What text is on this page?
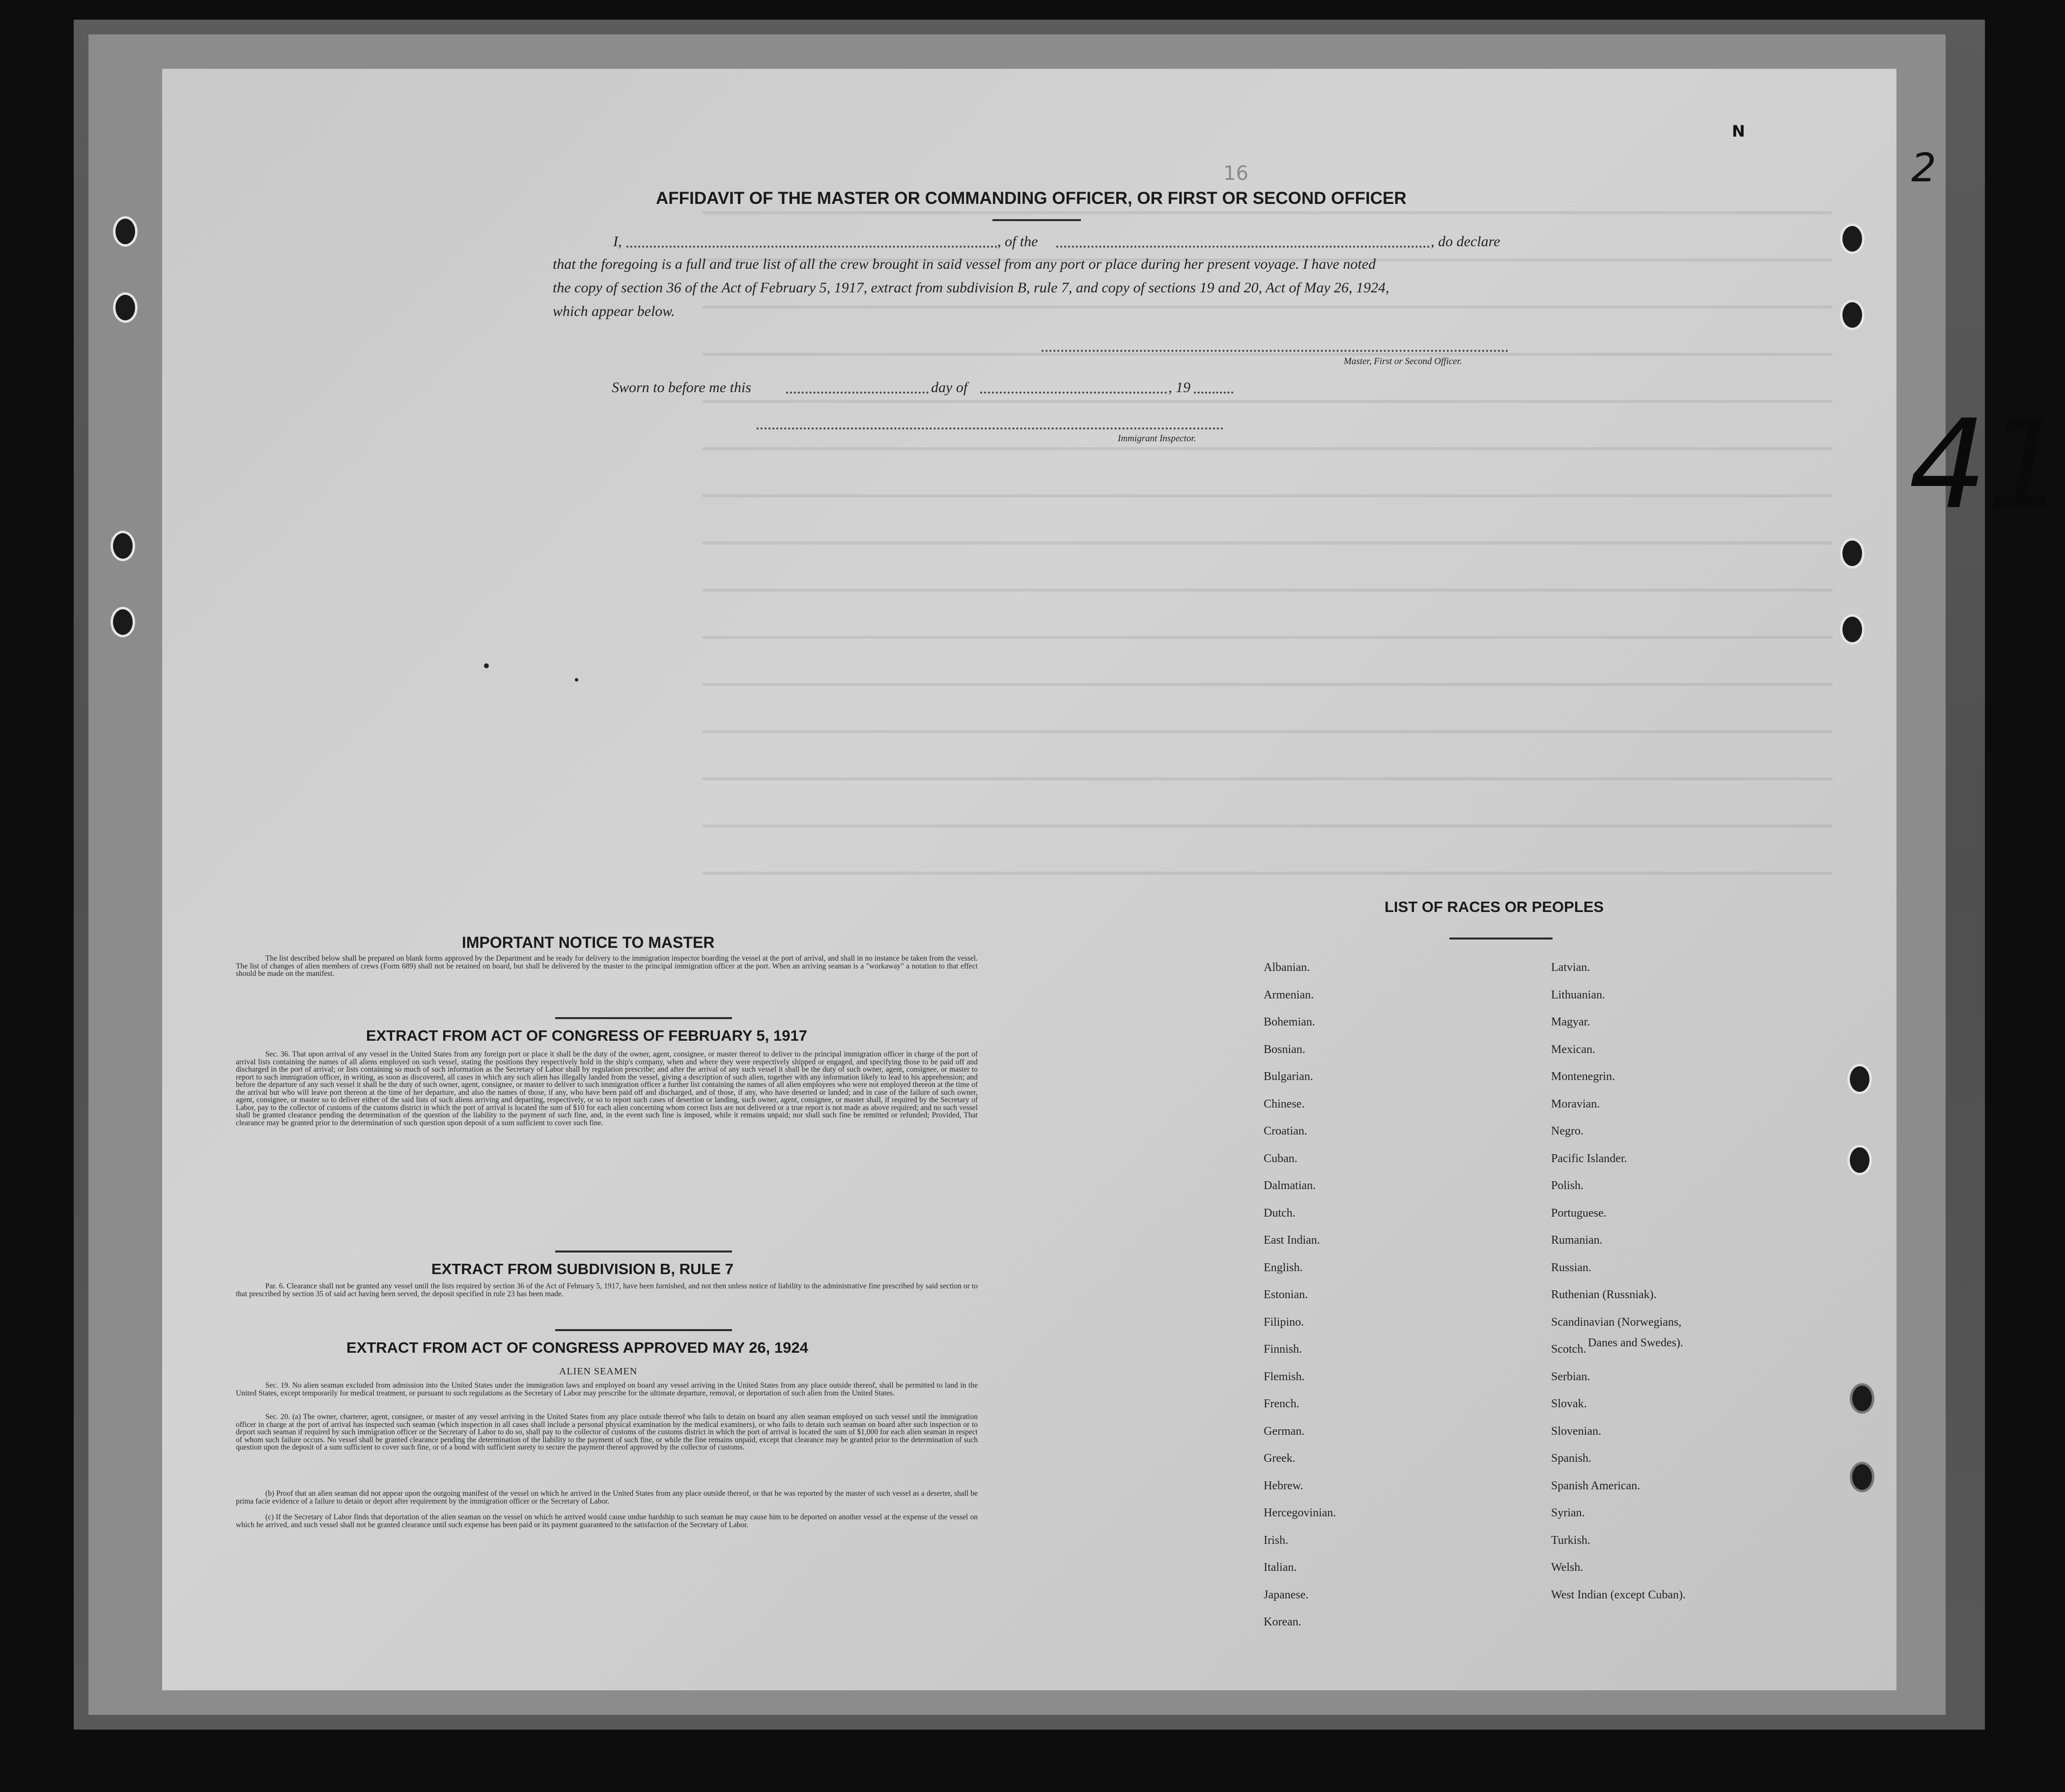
41
2
16
N
AFFIDAVIT OF THE MASTER OR COMMANDING OFFICER, OR FIRST OR SECOND OFFICER
I,	, of the	, do declare
that the foregoing is a full and true list of all the crew brought in said vessel from any port or place during her present voyage. I have noted
the copy of section 36 of the Act of February 5, 1917, extract from subdivision B, rule 7, and copy of sections 19 and 20, Act of May 26, 1924,
which appear below.
Master, First or Second Officer.
Sworn to before me this	day of	, 19
Immigrant Inspector.
IMPORTANT NOTICE TO MASTER
The list described below shall be prepared on blank forms approved by the Department and be ready for delivery to the immigration inspector boarding the vessel at the port of arrival, and shall in no instance be taken from the vessel. The list of changes of alien members of crews (Form 689) shall not be retained on board, but shall be delivered by the master to the principal immigration officer at the port. When an arriving seaman is a "workaway" a notation to that effect should be made on the manifest.
EXTRACT FROM ACT OF CONGRESS OF FEBRUARY 5, 1917
Sec. 36. That upon arrival of any vessel in the United States from any foreign port or place it shall be the duty of the owner, agent, consignee, or master thereof to deliver to the principal immigration officer in charge of the port of arrival lists containing the names of all aliens employed on such vessel, stating the positions they respectively hold in the ship's company, when and where they were respectively shipped or engaged, and specifying those to be paid off and discharged in the port of arrival; or lists containing so much of such information as the Secretary of Labor shall by regulation prescribe; and after the arrival of any such vessel it shall be the duty of such owner, agent, consignee, or master to report to such immigration officer, in writing, as soon as discovered, all cases in which any such alien has illegally landed from the vessel, giving a description of such alien, together with any information likely to lead to his apprehension; and before the departure of any such vessel it shall be the duty of such owner, agent, consignee, or master to deliver to such immigration officer a further list containing the names of all alien employees who were not employed thereon at the time of the arrival but who will leave port thereon at the time of her departure, and also the names of those, if any, who have been paid off and discharged, and of those, if any, who have deserted or landed; and in case of the failure of such owner, agent, consignee, or master so to deliver either of the said lists of such aliens arriving and departing, respectively, or so to report such cases of desertion or landing, such owner, agent, consignee, or master shall, if required by the Secretary of Labor, pay to the collector of customs of the customs district in which the port of arrival is located the sum of $10 for each alien concerning whom correct lists are not delivered or a true report is not made as above required; and no such vessel shall be granted clearance pending the determination of the question of the liability to the payment of such fine, and, in the event such fine is imposed, while it remains unpaid; nor shall such fine be remitted or refunded; Provided, That clearance may be granted prior to the determination of such question upon deposit of a sum sufficient to cover such fine.
EXTRACT FROM SUBDIVISION B, RULE 7
Par. 6. Clearance shall not be granted any vessel until the lists required by section 36 of the Act of February 5, 1917, have been furnished, and not then unless notice of liability to the administrative fine prescribed by said section or to that prescribed by section 35 of said act having been served, the deposit specified in rule 23 has been made.
EXTRACT FROM ACT OF CONGRESS APPROVED MAY 26, 1924
ALIEN SEAMEN
Sec. 19. No alien seaman excluded from admission into the United States under the immigration laws and employed on board any vessel arriving in the United States from any place outside thereof, shall be permitted to land in the United States, except temporarily for medical treatment, or pursuant to such regulations as the Secretary of Labor may prescribe for the ultimate departure, removal, or deportation of such alien from the United States.
Sec. 20. (a) The owner, charterer, agent, consignee, or master of any vessel arriving in the United States from any place outside thereof who fails to detain on board any alien seaman employed on such vessel until the immigration officer in charge at the port of arrival has inspected such seaman (which inspection in all cases shall include a personal physical examination by the medical examiners), or who fails to detain such seaman on board after such inspection or to deport such seaman if required by such immigration officer or the Secretary of Labor to do so, shall pay to the collector of customs of the customs district in which the port of arrival is located the sum of $1,000 for each alien seaman in respect of whom such failure occurs. No vessel shall be granted clearance pending the determination of the liability to the payment of such fine, or while the fine remains unpaid, except that clearance may be granted prior to the determination of such question upon the deposit of a sum sufficient to cover such fine, or of a bond with sufficient surety to secure the payment thereof approved by the collector of customs.
(b) Proof that an alien seaman did not appear upon the outgoing manifest of the vessel on which he arrived in the United States from any place outside thereof, or that he was reported by the master of such vessel as a deserter, shall be prima facie evidence of a failure to detain or deport after requirement by the immigration officer or the Secretary of Labor.
(c) If the Secretary of Labor finds that deportation of the alien seaman on the vessel on which he arrived would cause undue hardship to such seaman he may cause him to be deported on another vessel at the expense of the vessel on which he arrived, and such vessel shall not be granted clearance until such expense has been paid or its payment guaranteed to the satisfaction of the Secretary of Labor.
LIST OF RACES OR PEOPLES
Albanian.
Armenian.
Bohemian.
Bosnian.
Bulgarian.
Chinese.
Croatian.
Cuban.
Dalmatian.
Dutch.
East Indian.
English.
Estonian.
Filipino.
Finnish.
Flemish.
French.
German.
Greek.
Hebrew.
Hercegovinian.
Irish.
Italian.
Japanese.
Korean.
Latvian.
Lithuanian.
Magyar.
Mexican.
Montenegrin.
Moravian.
Negro.
Pacific Islander.
Polish.
Portuguese.
Rumanian.
Russian.
Ruthenian (Russniak).
Scandinavian (Norwegians,
Danes and Swedes).
Scotch.
Serbian.
Slovak.
Slovenian.
Spanish.
Spanish American.
Syrian.
Turkish.
Welsh.
West Indian (except Cuban).
